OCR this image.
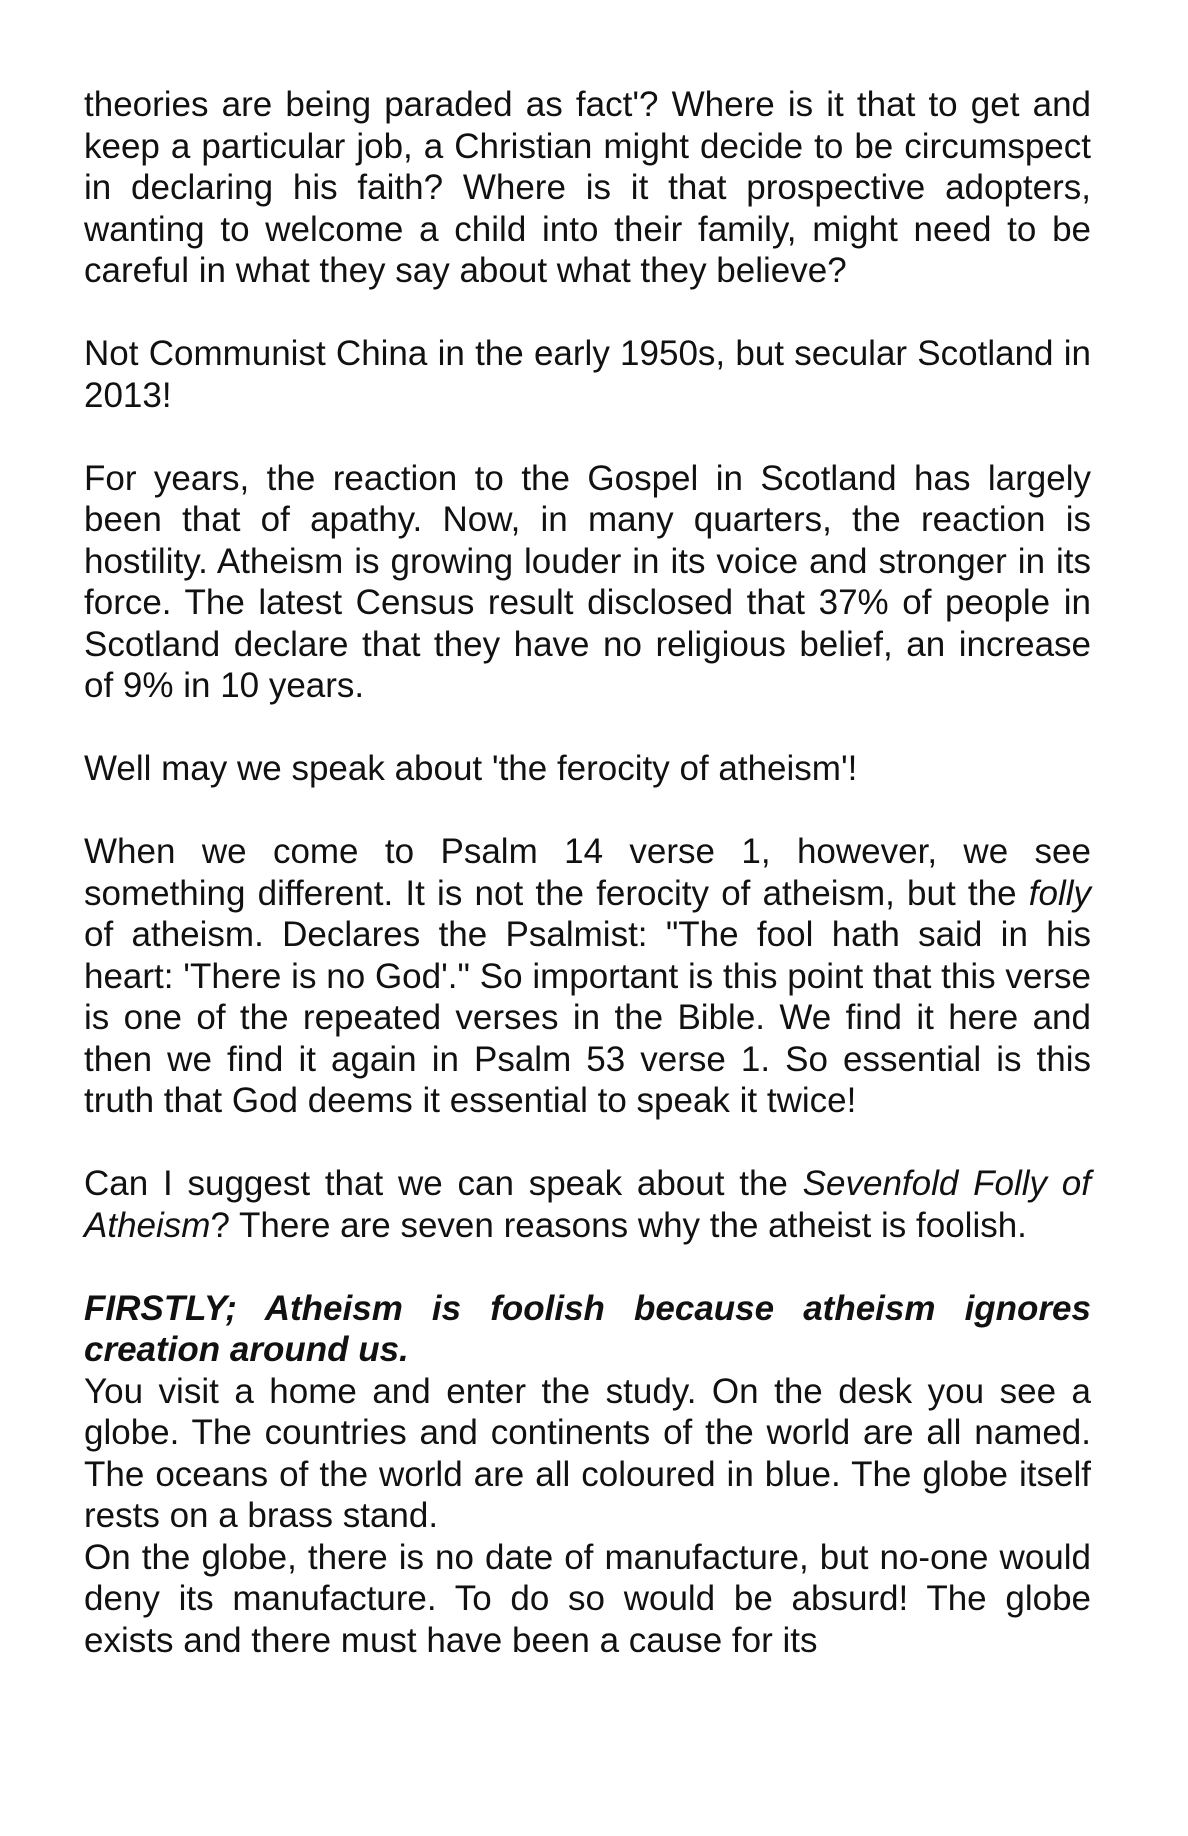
theories are being paraded as fact'? Where is it that to get and keep a particular job, a Christian might decide to be circumspect in declaring his faith? Where is it that prospective adopters, wanting to welcome a child into their family, might need to be careful in what they say about what they believe?

Not Communist China in the early 1950s, but secular Scotland in 2013!

For years, the reaction to the Gospel in Scotland has largely been that of apathy. Now, in many quarters, the reaction is hostility. Atheism is growing louder in its voice and stronger in its force. The latest Census result disclosed that 37% of people in Scotland declare that they have no religious belief, an increase of 9% in 10 years.

Well may we speak about 'the ferocity of atheism'!

When we come to Psalm 14 verse 1, however, we see something different. It is not the ferocity of atheism, but the folly of atheism. Declares the Psalmist: "The fool hath said in his heart: 'There is no God'." So important is this point that this verse is one of the repeated verses in the Bible. We find it here and then we find it again in Psalm 53 verse 1. So essential is this truth that God deems it essential to speak it twice!

Can I suggest that we can speak about the Sevenfold Folly of Atheism? There are seven reasons why the atheist is foolish.

FIRSTLY; Atheism is foolish because atheism ignores creation around us.

You visit a home and enter the study. On the desk you see a globe. The countries and continents of the world are all named. The oceans of the world are all coloured in blue. The globe itself rests on a brass stand.

On the globe, there is no date of manufacture, but no-one would deny its manufacture. To do so would be absurd! The globe exists and there must have been a cause for its
